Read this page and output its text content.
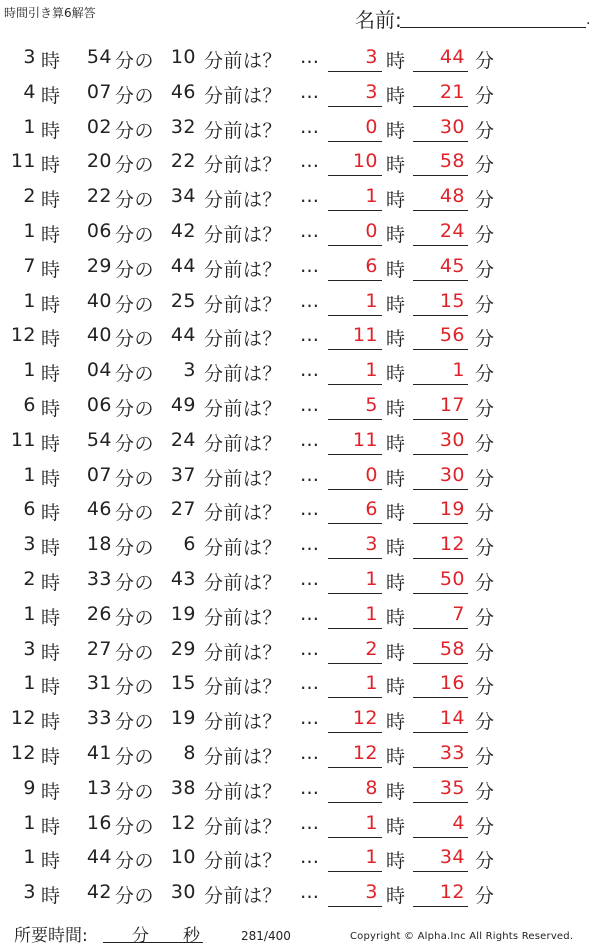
時間引き算6解答	名前:	.
3 時 54 分の 10 分前は？ … 3 時 44 分
4 時 07 分の 46 分前は？ … 3 時 21 分
1 時 02 分の 32 分前は？ … 0 時 30 分
11 時 20 分の 22 分前は？ … 10 時 58 分
2 時 22 分の 34 分前は？ … 1 時 48 分
1 時 06 分の 42 分前は？ … 0 時 24 分
7 時 29 分の 44 分前は？ … 6 時 45 分
1 時 40 分の 25 分前は？ … 1 時 15 分
12 時 40 分の 44 分前は？ … 11 時 56 分
1 時 04 分の 3 分前は？ … 1 時 1 分
6 時 06 分の 49 分前は？ … 5 時 17 分
11 時 54 分の 24 分前は？ … 11 時 30 分
1 時 07 分の 37 分前は？ … 0 時 30 分
6 時 46 分の 27 分前は？ … 6 時 19 分
3 時 18 分の 6 分前は？ … 3 時 12 分
2 時 33 分の 43 分前は？ … 1 時 50 分
1 時 26 分の 19 分前は？ … 1 時 7 分
3 時 27 分の 29 分前は？ … 2 時 58 分
1 時 31 分の 15 分前は？ … 1 時 16 分
12 時 33 分の 19 分前は？ … 12 時 14 分
12 時 41 分の 8 分前は？ … 12 時 33 分
9 時 13 分の 38 分前は？ … 8 時 35 分
1 時 16 分の 12 分前は？ … 1 時 4 分
1 時 44 分の 10 分前は？ … 1 時 34 分
3 時 42 分の 30 分前は？ … 3 時 12 分
所要時間:	分 秒	281/400	Copyright © Alpha.Inc All Rights Reserved.
